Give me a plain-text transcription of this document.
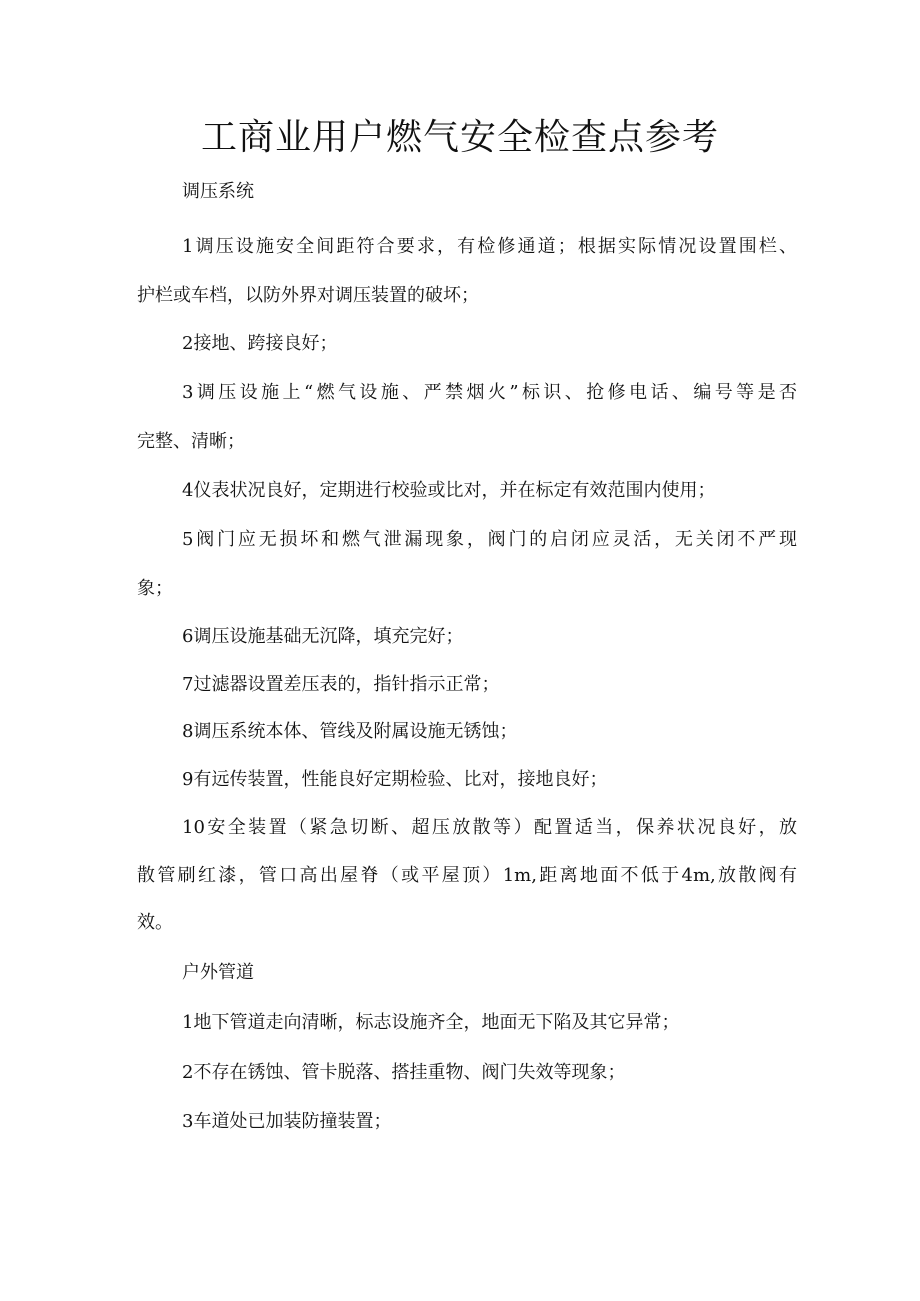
工商业用户燃气安全检查点参考

调压系统

1调压设施安全间距符合要求，有检修通道；根据实际情况设置围栏、

护栏或车档，以防外界对调压装置的破坏；

2接地、跨接良好；

3调压设施上“燃气设施、严禁烟火”标识、抢修电话、编号等是否

完整、清晰；

4仪表状况良好，定期进行校验或比对，并在标定有效范围内使用；

5阀门应无损坏和燃气泄漏现象，阀门的启闭应灵活，无关闭不严现

象；

6调压设施基础无沉降，填充完好；

7过滤器设置差压表的，指针指示正常；

8调压系统本体、管线及附属设施无锈蚀；

9有远传装置，性能良好定期检验、比对，接地良好；

10安全装置（紧急切断、超压放散等）配置适当，保养状况良好，放

散管刷红漆，管口高出屋脊（或平屋顶）1m,距离地面不低于4m,放散阀有

效。

户外管道

1地下管道走向清晰，标志设施齐全，地面无下陷及其它异常；

2不存在锈蚀、管卡脱落、搭挂重物、阀门失效等现象；

3车道处已加装防撞装置；
